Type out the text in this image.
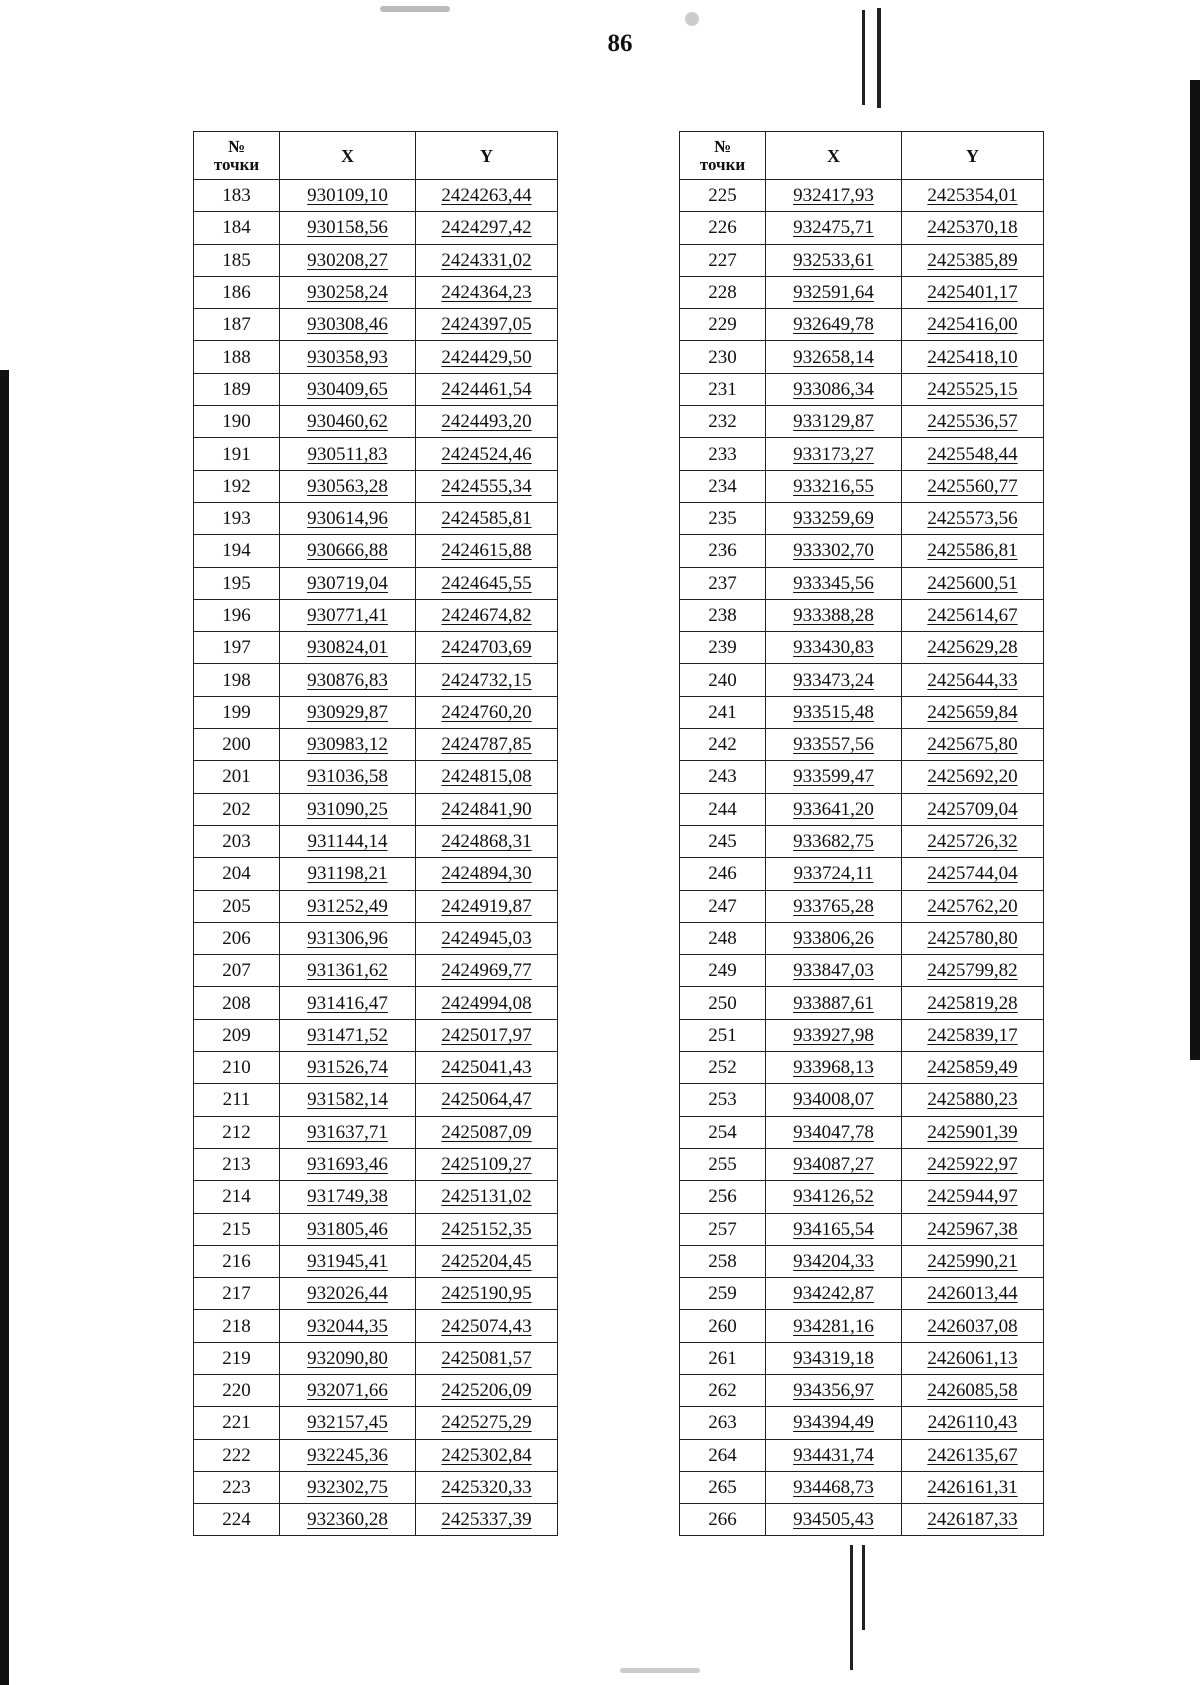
86
№
точки	X	Y
183	930109,10	2424263,44
184	930158,56	2424297,42
185	930208,27	2424331,02
186	930258,24	2424364,23
187	930308,46	2424397,05
188	930358,93	2424429,50
189	930409,65	2424461,54
190	930460,62	2424493,20
191	930511,83	2424524,46
192	930563,28	2424555,34
193	930614,96	2424585,81
194	930666,88	2424615,88
195	930719,04	2424645,55
196	930771,41	2424674,82
197	930824,01	2424703,69
198	930876,83	2424732,15
199	930929,87	2424760,20
200	930983,12	2424787,85
201	931036,58	2424815,08
202	931090,25	2424841,90
203	931144,14	2424868,31
204	931198,21	2424894,30
205	931252,49	2424919,87
206	931306,96	2424945,03
207	931361,62	2424969,77
208	931416,47	2424994,08
209	931471,52	2425017,97
210	931526,74	2425041,43
211	931582,14	2425064,47
212	931637,71	2425087,09
213	931693,46	2425109,27
214	931749,38	2425131,02
215	931805,46	2425152,35
216	931945,41	2425204,45
217	932026,44	2425190,95
218	932044,35	2425074,43
219	932090,80	2425081,57
220	932071,66	2425206,09
221	932157,45	2425275,29
222	932245,36	2425302,84
223	932302,75	2425320,33
224	932360,28	2425337,39
№
точки	X	Y
225	932417,93	2425354,01
226	932475,71	2425370,18
227	932533,61	2425385,89
228	932591,64	2425401,17
229	932649,78	2425416,00
230	932658,14	2425418,10
231	933086,34	2425525,15
232	933129,87	2425536,57
233	933173,27	2425548,44
234	933216,55	2425560,77
235	933259,69	2425573,56
236	933302,70	2425586,81
237	933345,56	2425600,51
238	933388,28	2425614,67
239	933430,83	2425629,28
240	933473,24	2425644,33
241	933515,48	2425659,84
242	933557,56	2425675,80
243	933599,47	2425692,20
244	933641,20	2425709,04
245	933682,75	2425726,32
246	933724,11	2425744,04
247	933765,28	2425762,20
248	933806,26	2425780,80
249	933847,03	2425799,82
250	933887,61	2425819,28
251	933927,98	2425839,17
252	933968,13	2425859,49
253	934008,07	2425880,23
254	934047,78	2425901,39
255	934087,27	2425922,97
256	934126,52	2425944,97
257	934165,54	2425967,38
258	934204,33	2425990,21
259	934242,87	2426013,44
260	934281,16	2426037,08
261	934319,18	2426061,13
262	934356,97	2426085,58
263	934394,49	2426110,43
264	934431,74	2426135,67
265	934468,73	2426161,31
266	934505,43	2426187,33
